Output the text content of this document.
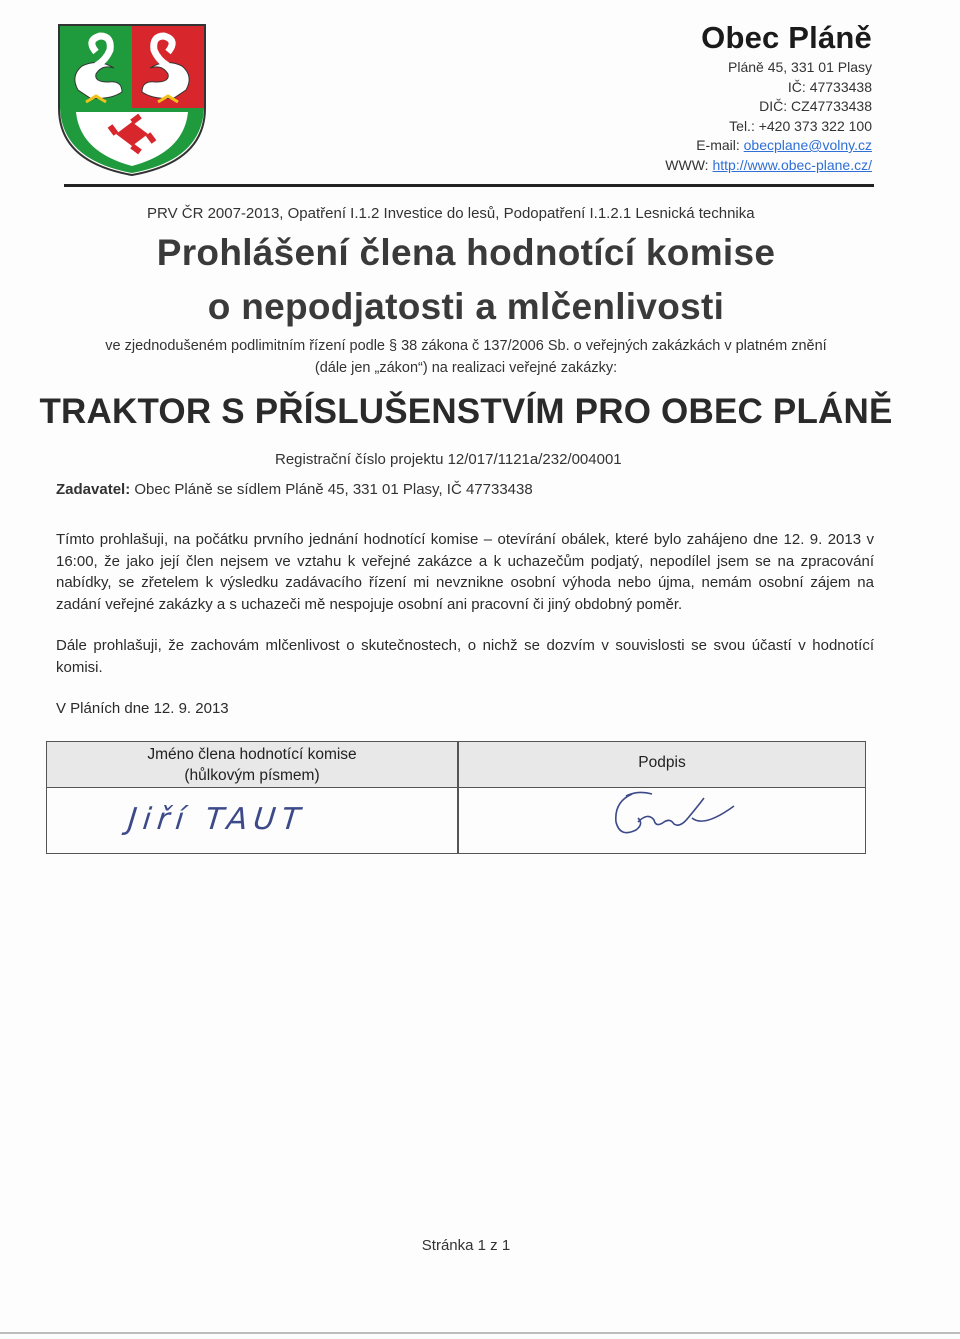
Obec Pláně
Pláně 45, 331 01 Plasy
IČ: 47733438
DIČ: CZ47733438
Tel.: +420 373 322 100
E-mail: obecplane@volny.cz
WWW: http://www.obec-plane.cz/
PRV ČR 2007-2013, Opatření I.1.2 Investice do lesů, Podopatření I.1.2.1 Lesnická technika
Prohlášení člena hodnotící komise
o nepodjatosti a mlčenlivosti
ve zjednodušeném podlimitním řízení podle § 38 zákona č 137/2006 Sb. o veřejných zakázkách v platném znění
(dále jen „zákon“) na realizaci veřejné zakázky:
TRAKTOR S PŘÍSLUŠENSTVÍM PRO OBEC PLÁNĚ
Registrační číslo projektu 12/017/1121a/232/004001
Zadavatel: Obec Pláně se sídlem Pláně 45, 331 01 Plasy, IČ 47733438
Tímto prohlašuji, na počátku prvního jednání hodnotící komise – otevírání obálek, které bylo zahájeno dne 12. 9. 2013 v 16:00, že jako její člen nejsem ve vztahu k veřejné zakázce a k uchazečům podjatý, nepodílel jsem se na zpracování nabídky, se zřetelem k výsledku zadávacího řízení mi nevznikne osobní výhoda nebo újma, nemám osobní zájem na zadání veřejné zakázky a s uchazeči mě nespojuje osobní ani pracovní či jiný obdobný poměr.
Dále prohlašuji, že zachovám mlčenlivost o skutečnostech, o nichž se dozvím v souvislosti se svou účastí v hodnotící komisi.
V Pláních dne 12. 9. 2013
Jméno člena hodnotící komise
(hůlkovým písmem)
Podpis
Jiří TAUT
Stránka 1 z 1
